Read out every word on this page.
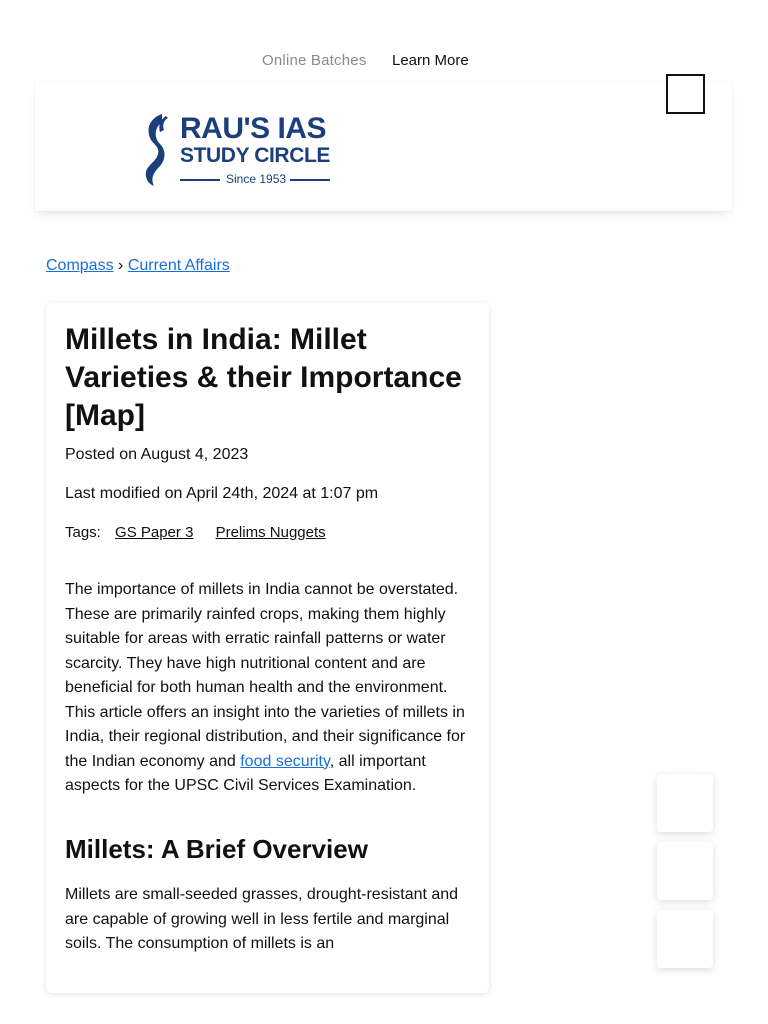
Online Batches Learn More
RAU'S IAS
STUDY CIRCLE
Since 1953
Compass › Current Affairs
Millets in India: Millet Varieties & their Importance [Map]
Posted on August 4, 2023
Last modified on April 24th, 2024 at 1:07 pm
Tags: GS Paper 3 Prelims Nuggets

The importance of millets in India cannot be overstated. These are primarily rainfed crops, making them highly suitable for areas with erratic rainfall patterns or water scarcity. They have high nutritional content and are beneficial for both human health and the environment. This article offers an insight into the varieties of millets in India, their regional distribution, and their significance for the Indian economy and food security, all important aspects for the UPSC Civil Services Examination.

Millets: A Brief Overview

Millets are small-seeded grasses, drought-resistant and are capable of growing well in less fertile and marginal soils. The consumption of millets is an
